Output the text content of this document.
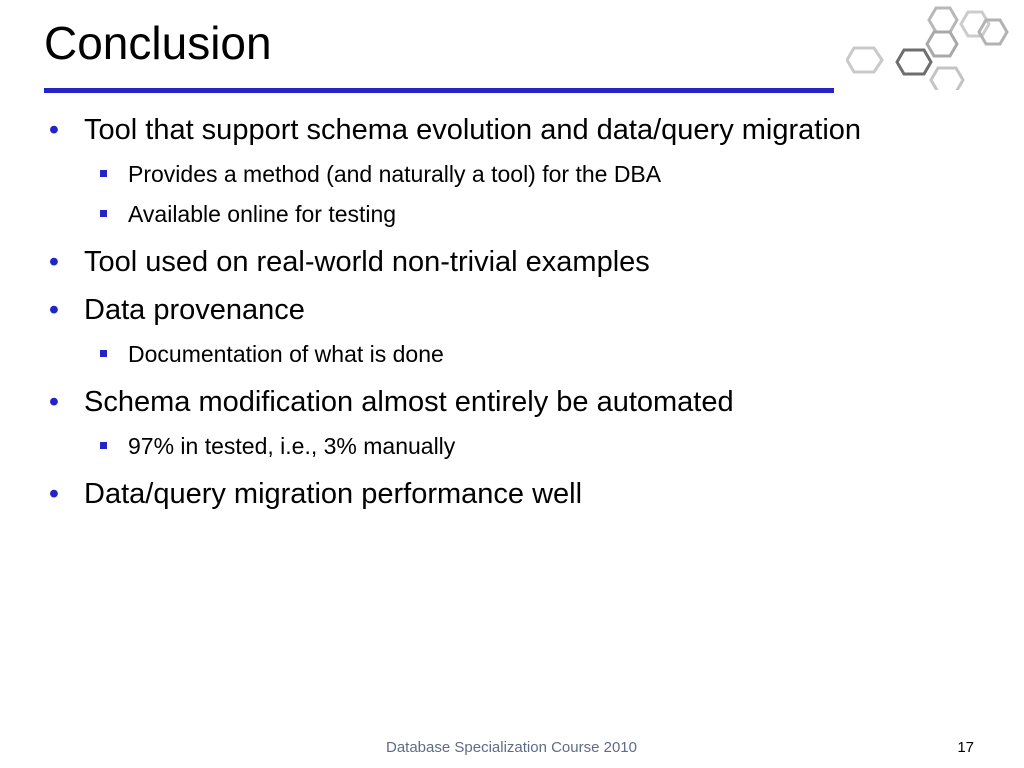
Conclusion
• Tool that support schema evolution and data/query migration
Provides a method (and naturally a tool) for the DBA
Available online for testing
• Tool used on real-world non-trivial examples
• Data provenance
Documentation of what is done
• Schema modification almost entirely be automated
97% in tested, i.e., 3% manually
• Data/query migration performance well
Database Specialization Course 2010	17
